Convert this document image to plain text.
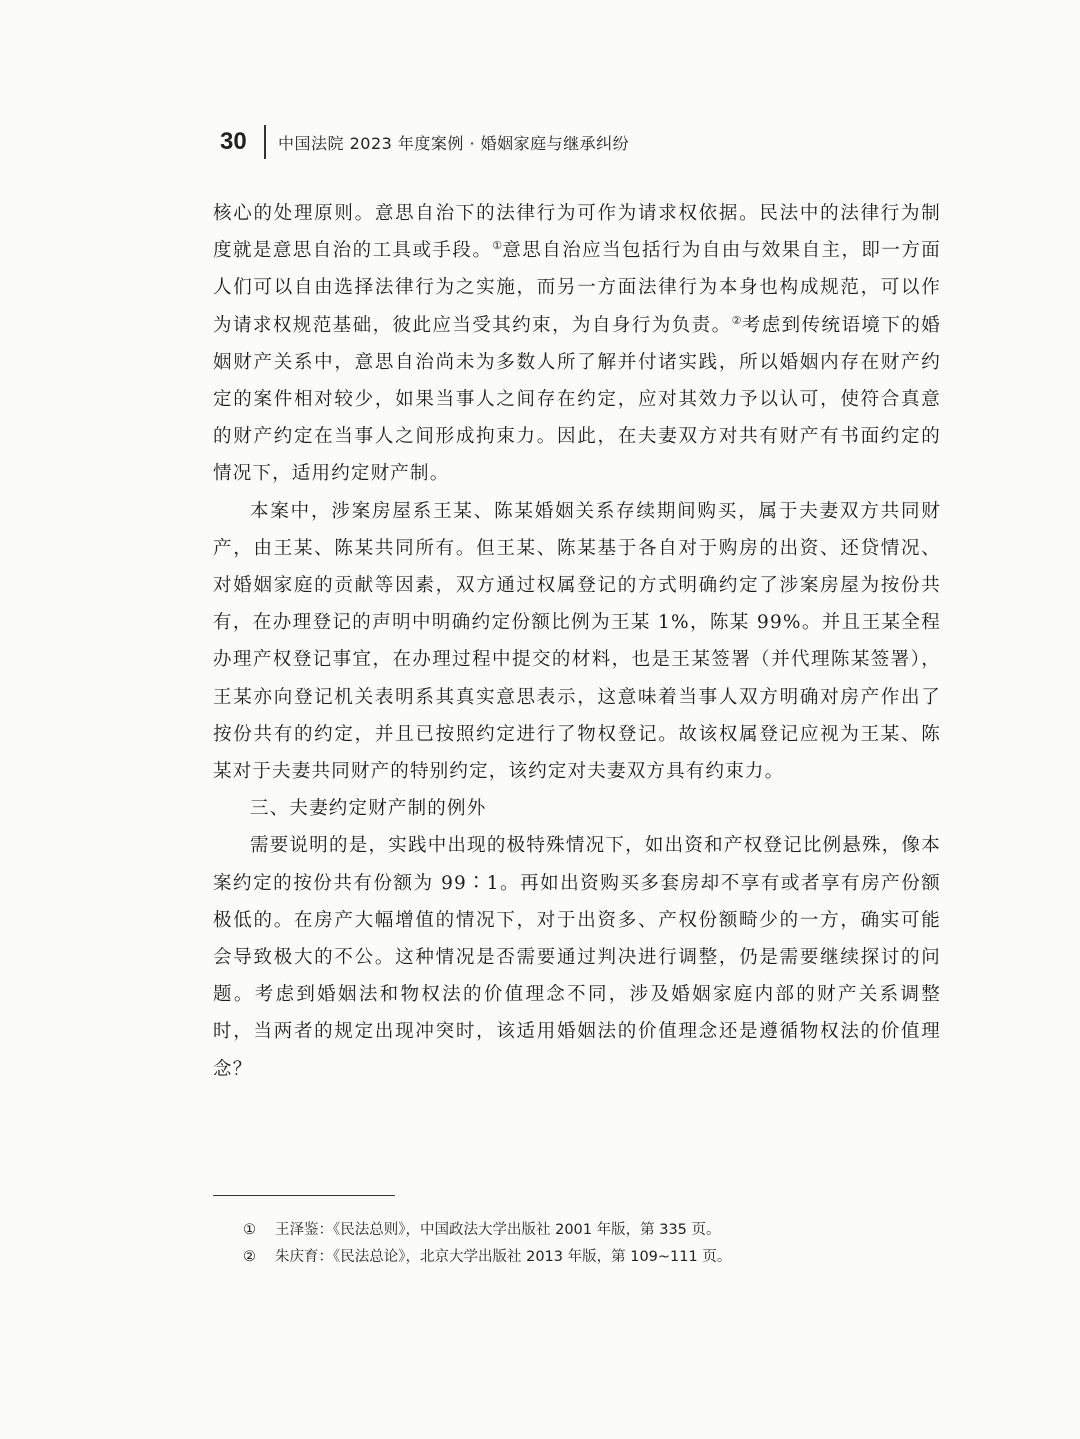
30	中国法院 2023 年度案例 · 婚姻家庭与继承纠纷

核心的处理原则。意思自治下的法律行为可作为请求权依据。民法中的法律行为制度就是意思自治的工具或手段。①意思自治应当包括行为自由与效果自主，即一方面人们可以自由选择法律行为之实施，而另一方面法律行为本身也构成规范，可以作为请求权规范基础，彼此应当受其约束，为自身行为负责。②考虑到传统语境下的婚姻财产关系中，意思自治尚未为多数人所了解并付诸实践，所以婚姻内存在财产约定的案件相对较少，如果当事人之间存在约定，应对其效力予以认可，使符合真意的财产约定在当事人之间形成拘束力。因此，在夫妻双方对共有财产有书面约定的情况下，适用约定财产制。

本案中，涉案房屋系王某、陈某婚姻关系存续期间购买，属于夫妻双方共同财产，由王某、陈某共同所有。但王某、陈某基于各自对于购房的出资、还贷情况、对婚姻家庭的贡献等因素，双方通过权属登记的方式明确约定了涉案房屋为按份共有，在办理登记的声明中明确约定份额比例为王某 1%，陈某 99%。并且王某全程办理产权登记事宜，在办理过程中提交的材料，也是王某签署（并代理陈某签署），王某亦向登记机关表明系其真实意思表示，这意味着当事人双方明确对房产作出了按份共有的约定，并且已按照约定进行了物权登记。故该权属登记应视为王某、陈某对于夫妻共同财产的特别约定，该约定对夫妻双方具有约束力。

三、夫妻约定财产制的例外

需要说明的是，实践中出现的极特殊情况下，如出资和产权登记比例悬殊，像本案约定的按份共有份额为 99∶1。再如出资购买多套房却不享有或者享有房产份额极低的。在房产大幅增值的情况下，对于出资多、产权份额畸少的一方，确实可能会导致极大的不公。这种情况是否需要通过判决进行调整，仍是需要继续探讨的问题。考虑到婚姻法和物权法的价值理念不同，涉及婚姻家庭内部的财产关系调整时，当两者的规定出现冲突时，该适用婚姻法的价值理念还是遵循物权法的价值理念？

①	王泽鉴：《民法总则》，中国政法大学出版社 2001 年版，第 335 页。
②	朱庆育：《民法总论》，北京大学出版社 2013 年版，第 109~111 页。
